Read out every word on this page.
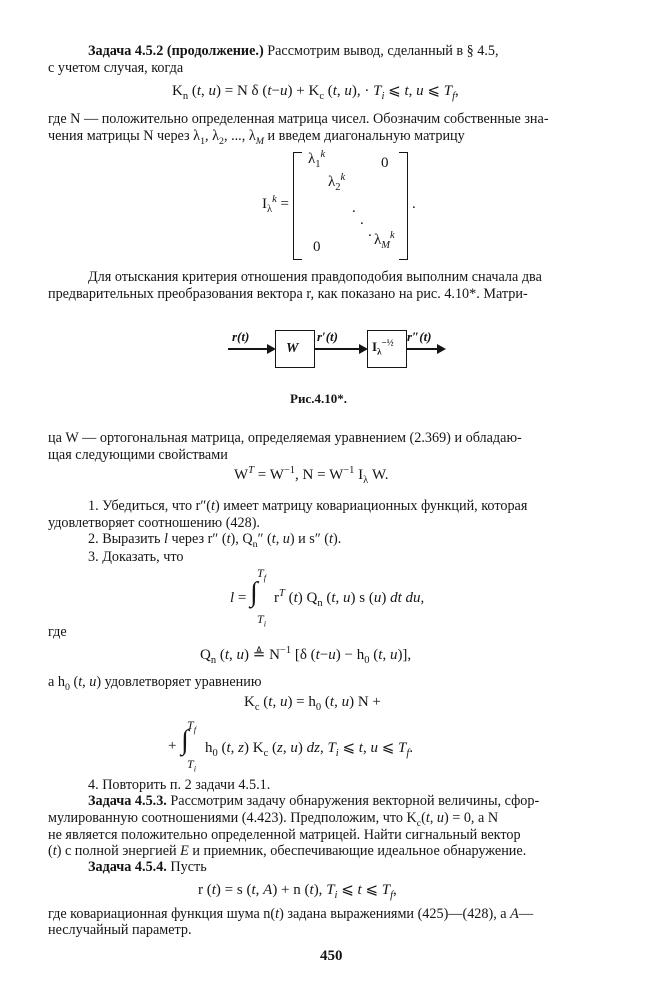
Задача 4.5.2 (продолжение.) Рассмотрим вывод, сделанный в § 4.5,
с учетом случая, когда
$K_n$ (t, u) = N δ $(t-u) + K_c$ (t, u), · $T_i$ ⩽ t, u ⩽ $T_f$,
где N — положительно определенная матрица чисел. Обозначим собственные зна-
чения матрицы N через $\lambda_1$, $\lambda_2$, ..., $\lambda_M$ и введем диагональную матрицу
$I_\lambda^k$ =
$\lambda_1^k$
$\lambda_2^k$
.
.
. $\lambda_M^k$
0
0
.
Для отыскания критерия отношения правдоподобия выполним сначала два
предварительных преобразования вектора r, как показано на рис. 4.10*. Матри-
r(t)
W
r′(t)
$I_\lambda^{-\frac{1}{2}}$ r″(t)
Рис.4.10*.
ца W — ортогональная матрица, определяемая уравнением (2.369) и обладаю-
щая следующими свойствами
$W^T = W^{-1}$, $N = W^{-1}$ $I_\lambda$ W.
1. Убедиться, что r″(t) имеет матрицу ковариационных функций, которая
удовлетворяет соотношению (428).
2. Выразить l через r″ (t), $Q_n''$ (t, u) и s″ (t).
3. Доказать, что
$T_f$
l = ∫
$T_i$
$r^T$ (t) $Q_n$ (t, u) s (u) dt du,
где
$Q_n$ (t, u) ≜ $N^{-1}$ [δ $(t-u) - h_0$ (t, u)],
а $h_0$ (t, u) удовлетворяет уравнению
$K_c$ (t, $u) = h_0$ (t, u) N +
$T_f$
+ ∫
$T_i$
$h_0$ (t, z) $K_c$ (z, u) dz, $T_i$ ⩽ t, u ⩽ $T_f$.
4. Повторить п. 2 задачи 4.5.1.
Задача 4.5.3. Рассмотрим задачу обнаружения векторной величины, сфор-
мулированную соотношениями (4.423). Предположим, что $K_c(t$, u) = 0, а N
не является положительно определенной матрицей. Найти сигнальный вектор
(t) с полной энергией E и приемник, обеспечивающие идеальное обнаружение.
Задача 4.5.4. Пусть
r (t) = s (t, A) + n (t), $T_i$ ⩽ t ⩽ $T_f$,
где ковариационная функция шума n(t) задана выражениями (425)—(428), а A—
неслучайный параметр.
450
